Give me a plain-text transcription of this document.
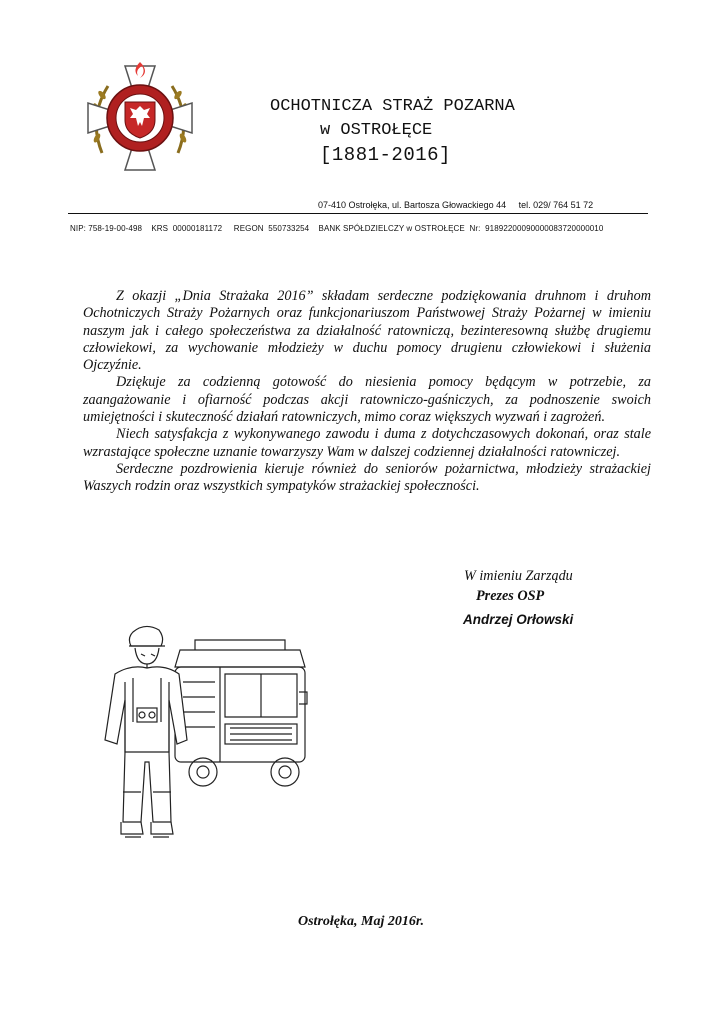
OCHOTNICZA STRAŻ POZARNA
w OSTROŁĘCE
[1881-2016]
07-410 Ostrołęka, ul. Bartosza Głowackiego 44     tel. 029/ 764 51 72
NIP: 758-19-00-498    KRS  00000181172     REGON  550733254    BANK SPÓŁDZIELCZY w OSTROŁĘCE  Nr:  91892200090000083720000010

Z okazji „Dnia Strażaka 2016” składam serdeczne podziękowania druhnom i druhom Ochotniczych Straży Pożarnych oraz funkcjonariuszom Państwowej Straży Pożarnej w imieniu naszym jak i całego społeczeństwa za działalność ratowniczą, bezinteresowną służbę drugiemu człowiekowi, za wychowanie młodzieży w duchu pomocy drugienu człowiekowi i służenia Ojczyźnie.

Dziękuje za codzienną gotowość do niesienia pomocy będącym w potrzebie, za zaangażowanie i ofiarność podczas akcji ratowniczo-gaśniczych, za podnoszenie swoich umiejętności i skuteczność działań ratowniczych, mimo coraz większych wyzwań i zagrożeń.

Niech satysfakcja z wykonywanego zawodu i duma z dotychczasowych dokonań, oraz stale wzrastające społeczne uznanie towarzyszy Wam w dalszej codziennej działalności ratowniczej.

Serdeczne pozdrowienia kieruje również do seniorów pożarnictwa, młodzieży strażackiej Waszych rodzin oraz wszystkich sympatyków strażackiej społeczności.

W imieniu Zarządu
Prezes OSP
Andrzej Orłowski
Ostrołęka, Maj 2016r.
